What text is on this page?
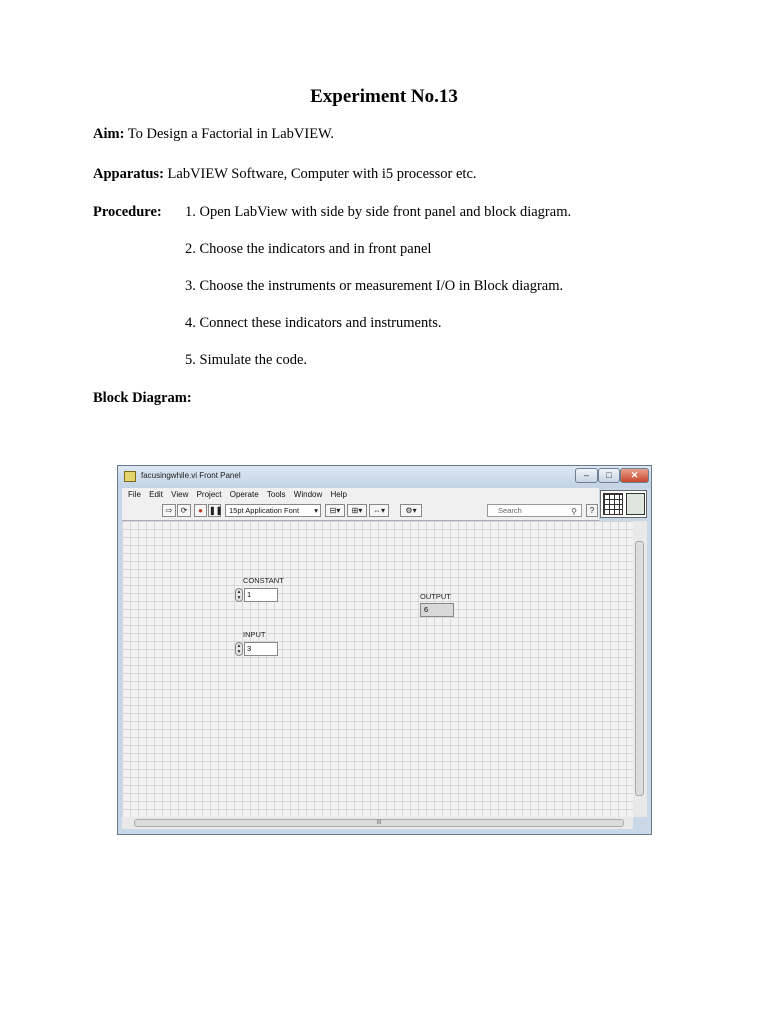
Experiment No.13
Aim: To Design a Factorial in LabVIEW.
Apparatus: LabVIEW Software, Computer with i5 processor etc.
Procedure: 1. Open LabView with side by side front panel and block diagram.
2. Choose the indicators and in front panel
3. Choose the instruments or measurement I/O in Block diagram.
4. Connect these indicators and instruments.
5. Simulate the code.
Block Diagram:
facusingwhile.vi Front Panel	–	□	✕
File Edit View Project Operate Tools Window Help
⇨	⟳	● ❚❚ 15pt Application Font ▾	⊟▾	⊞▾	⇔▾	⚙▾	Search	⚲	?
CONSTANT
▲
▼ 1
INPUT
▲
▼ 3
OUTPUT
6
III
